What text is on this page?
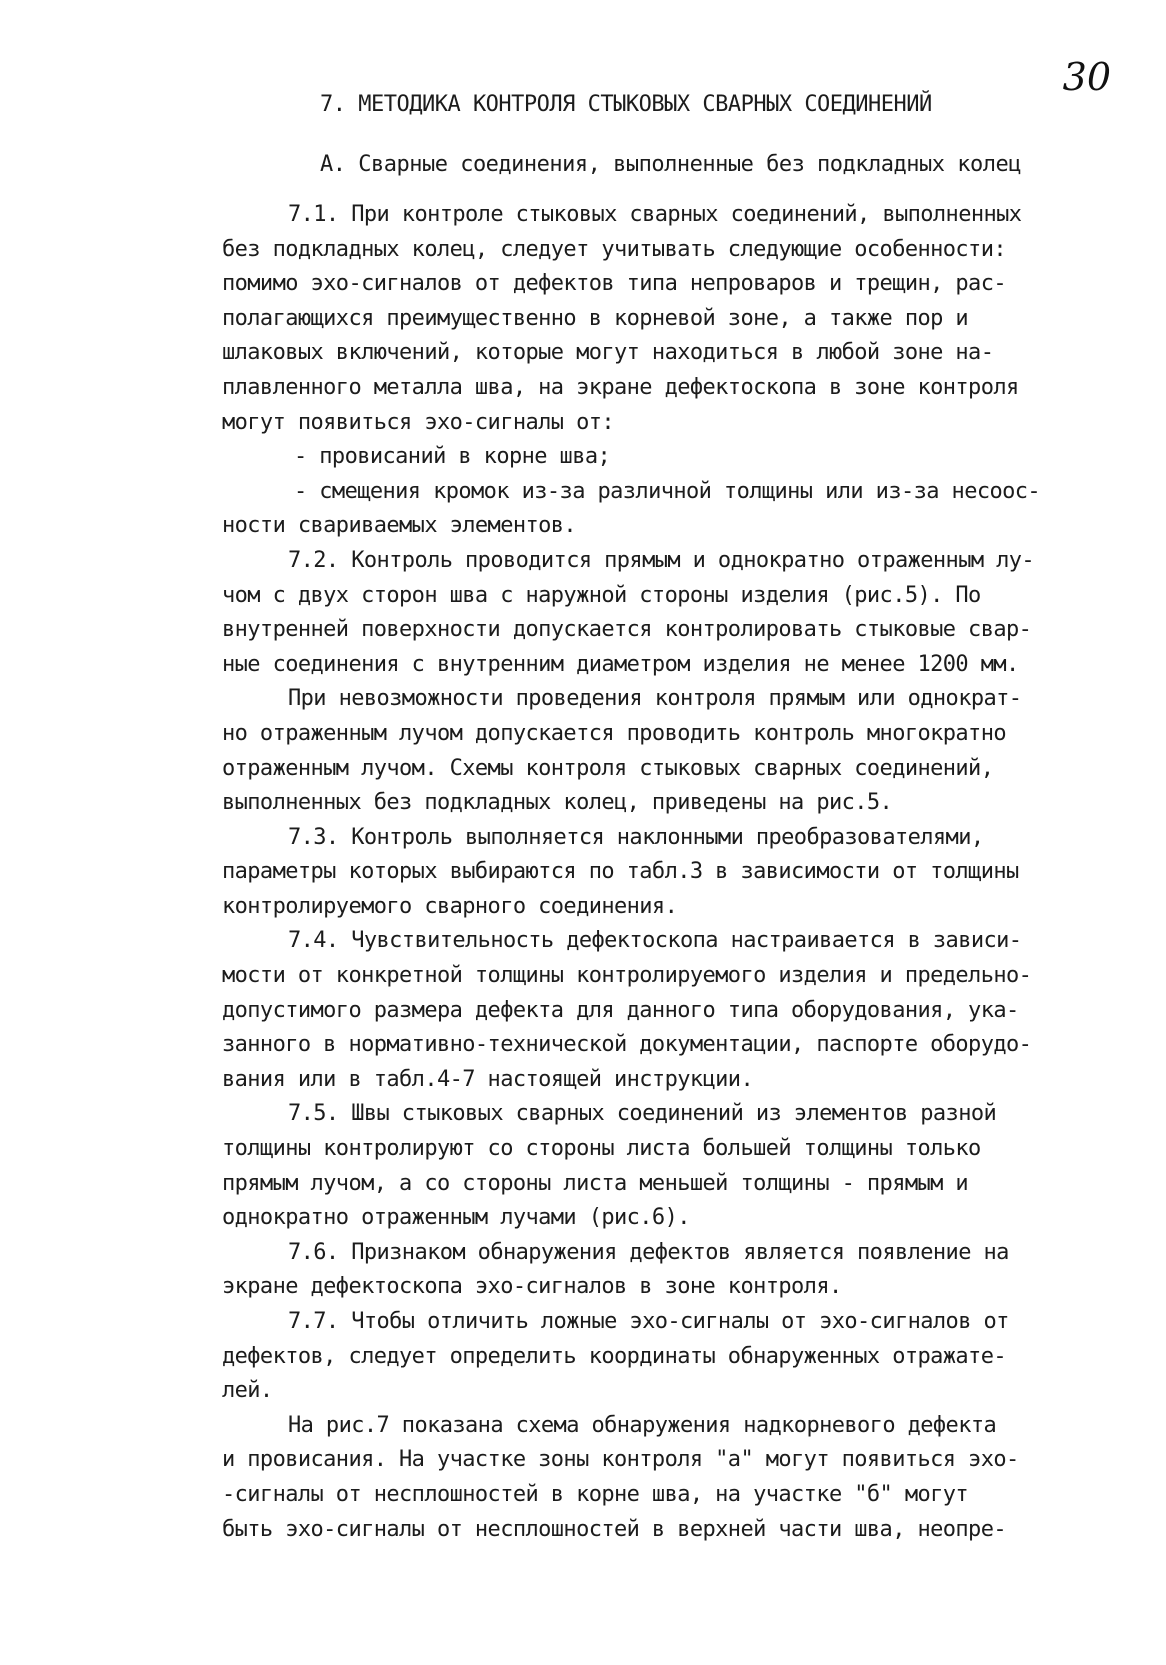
30
7. МЕТОДИКА КОНТРОЛЯ СТЫКОВЫХ СВАРНЫХ СОЕДИНЕНИЙ
А. Сварные соединения, выполненные без подкладных колец
7.1. При контроле стыковых сварных соединений, выполненных
без подкладных колец, следует учитывать следующие особенности:
помимо эхо-сигналов от дефектов типа непроваров и трещин, рас-
полагающихся преимущественно в корневой зоне, а также пор и
шлаковых включений, которые могут находиться в любой зоне на-
плавленного металла шва, на экране дефектоскопа в зоне контроля
могут появиться эхо-сигналы от:
- провисаний в корне шва;
- смещения кромок из-за различной толщины или из-за несоос-
ности свариваемых элементов.
7.2. Контроль проводится прямым и однократно отраженным лу-
чом с двух сторон шва с наружной стороны изделия (рис.5). По
внутренней поверхности допускается контролировать стыковые свар-
ные соединения с внутренним диаметром изделия не менее 1200 мм.
При невозможности проведения контроля прямым или однократ-
но отраженным лучом допускается проводить контроль многократно
отраженным лучом. Схемы контроля стыковых сварных соединений,
выполненных без подкладных колец, приведены на рис.5.
7.3. Контроль выполняется наклонными преобразователями,
параметры которых выбираются по табл.3 в зависимости от толщины
контролируемого сварного соединения.
7.4. Чувствительность дефектоскопа настраивается в зависи-
мости от конкретной толщины контролируемого изделия и предельно-
допустимого размера дефекта для данного типа оборудования, ука-
занного в нормативно-технической документации, паспорте оборудо-
вания или в табл.4-7 настоящей инструкции.
7.5. Швы стыковых сварных соединений из элементов разной
толщины контролируют со стороны листа большей толщины только
прямым лучом, а со стороны листа меньшей толщины - прямым и
однократно отраженным лучами (рис.6).
7.6. Признаком обнаружения дефектов является появление на
экране дефектоскопа эхо-сигналов в зоне контроля.
7.7. Чтобы отличить ложные эхо-сигналы от эхо-сигналов от
дефектов, следует определить координаты обнаруженных отражате-
лей.
На рис.7 показана схема обнаружения надкорневого дефекта
и провисания. На участке зоны контроля "а" могут появиться эхо-
-сигналы от несплошностей в корне шва, на участке "б" могут
быть эхо-сигналы от несплошностей в верхней части шва, неопре-
